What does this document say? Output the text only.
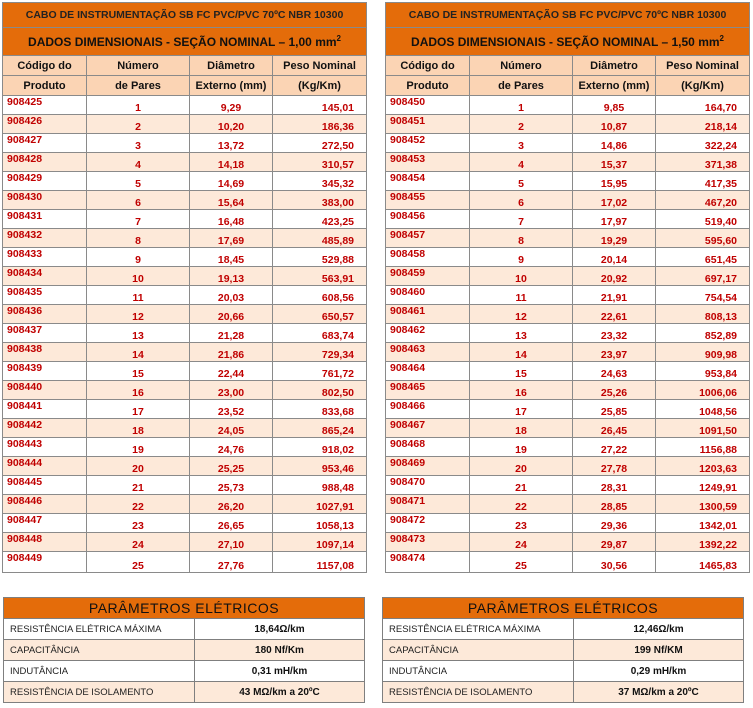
CABO DE INSTRUMENTAÇÃO SB FC PVC/PVC 70ºC NBR 10300			
DADOS DIMENSIONAIS - SEÇÃO NOMINAL – 1,00 $mm^2$
Código do	Número	Diâmetro	Peso Nominal
Produto	de Pares	Externo (mm)	(Kg/Km)
908425	1	9,29	145,01
908426	2	10,20	186,36
908427	3	13,72	272,50
908428	4	14,18	310,57
908429	5	14,69	345,32
908430	6	15,64	383,00
908431	7	16,48	423,25
908432	8	17,69	485,89
908433	9	18,45	529,88
908434	10	19,13	563,91
908435	11	20,03	608,56
908436	12	20,66	650,57
908437	13	21,28	683,74
908438	14	21,86	729,34
908439	15	22,44	761,72
908440	16	23,00	802,50
908441	17	23,52	833,68
908442	18	24,05	865,24
908443	19	24,76	918,02
908444	20	25,25	953,46
908445	21	25,73	988,48
908446	22	26,20	1027,91
908447	23	26,65	1058,13
908448	24	27,10	1097,14
908449	25	27,76	1157,08
CABO DE INSTRUMENTAÇÃO SB FC PVC/PVC 70ºC NBR 10300			
DADOS DIMENSIONAIS - SEÇÃO NOMINAL – 1,50 $mm^2$
Código do	Número	Diâmetro	Peso Nominal
Produto	de Pares	Externo (mm)	(Kg/Km)
908450	1	9,85	164,70
908451	2	10,87	218,14
908452	3	14,86	322,24
908453	4	15,37	371,38
908454	5	15,95	417,35
908455	6	17,02	467,20
908456	7	17,97	519,40
908457	8	19,29	595,60
908458	9	20,14	651,45
908459	10	20,92	697,17
908460	11	21,91	754,54
908461	12	22,61	808,13
908462	13	23,32	852,89
908463	14	23,97	909,98
908464	15	24,63	953,84
908465	16	25,26	1006,06
908466	17	25,85	1048,56
908467	18	26,45	1091,50
908468	19	27,22	1156,88
908469	20	27,78	1203,63
908470	21	28,31	1249,91
908471	22	28,85	1300,59
908472	23	29,36	1342,01
908473	24	29,87	1392,22
908474	25	30,56	1465,83
PARÂMETROS ELÉTRICOS	
RESISTÊNCIA ELÉTRICA MÁXIMA	18,64Ω/km
CAPACITÂNCIA	180 Nf/Km
INDUTÂNCIA	0,31 mH/km
RESISTÊNCIA DE ISOLAMENTO	43 MΩ/km a 20ºC
PARÂMETROS ELÉTRICOS	
RESISTÊNCIA ELÉTRICA MÁXIMA	12,46Ω/km
CAPACITÂNCIA	199 Nf/KM
INDUTÂNCIA	0,29 mH/km
RESISTÊNCIA DE ISOLAMENTO	37 MΩ/km a 20ºC
